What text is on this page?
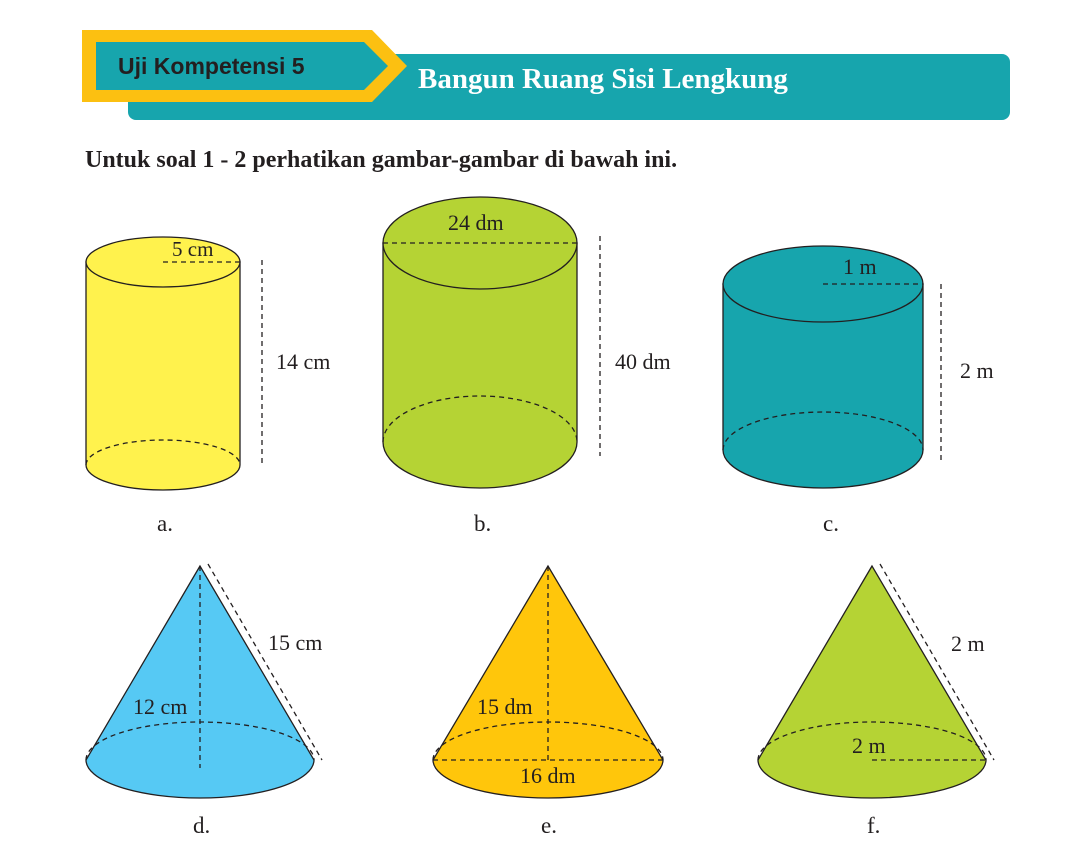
Bangun Ruang Sisi Lengkung
Uji Kompetensi 5
Untuk soal 1 - 2 perhatikan gambar-gambar di bawah ini.
5 cm
14 cm
a.
24 dm
40 dm
b.
1 m
2 m
c.
15 cm
12 cm
d.
15 dm
16 dm
e.
2 m
2 m
f.
